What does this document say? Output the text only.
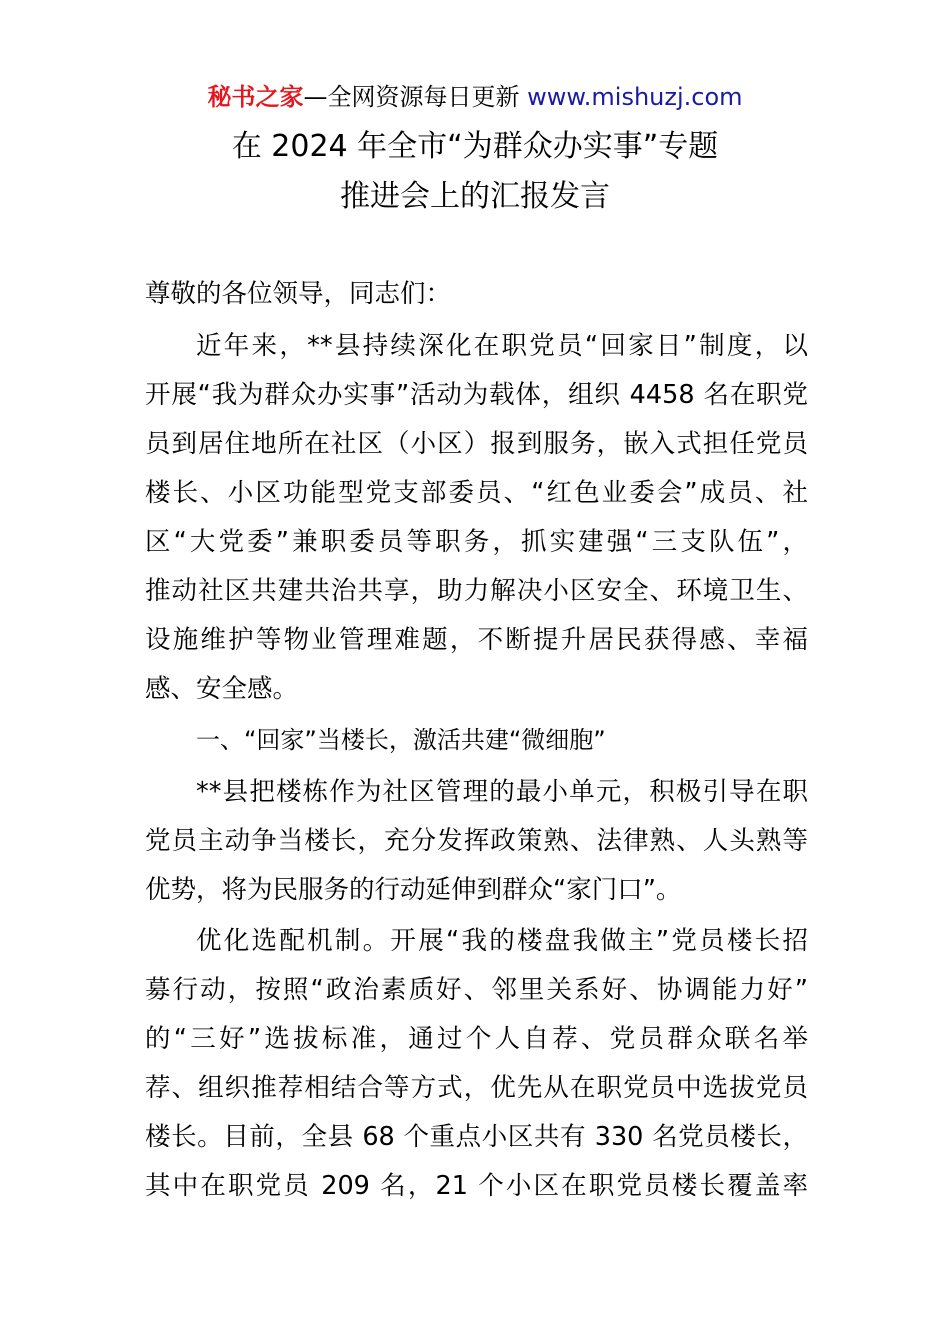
秘书之家—全网资源每日更新 www.mishuzj.com
在 2024 年全市“为群众办实事”专题
推进会上的汇报发言
尊敬的各位领导，同志们：
近年来，**县持续深化在职党员“回家日”制度，以
开展“我为群众办实事”活动为载体，组织 4458 名在职党
员到居住地所在社区（小区）报到服务，嵌入式担任党员
楼长、小区功能型党支部委员、“红色业委会”成员、社
区“大党委”兼职委员等职务，抓实建强“三支队伍”，
推动社区共建共治共享，助力解决小区安全、环境卫生、
设施维护等物业管理难题，不断提升居民获得感、幸福
感、安全感。
一、“回家”当楼长，激活共建“微细胞”
**县把楼栋作为社区管理的最小单元，积极引导在职
党员主动争当楼长，充分发挥政策熟、法律熟、人头熟等
优势，将为民服务的行动延伸到群众“家门口”。
优化选配机制。开展“我的楼盘我做主”党员楼长招
募行动，按照“政治素质好、邻里关系好、协调能力好”
的“三好”选拔标准，通过个人自荐、党员群众联名举
荐、组织推荐相结合等方式，优先从在职党员中选拔党员
楼长。目前，全县 68 个重点小区共有 330 名党员楼长，
其中在职党员 209 名，21 个小区在职党员楼长覆盖率
